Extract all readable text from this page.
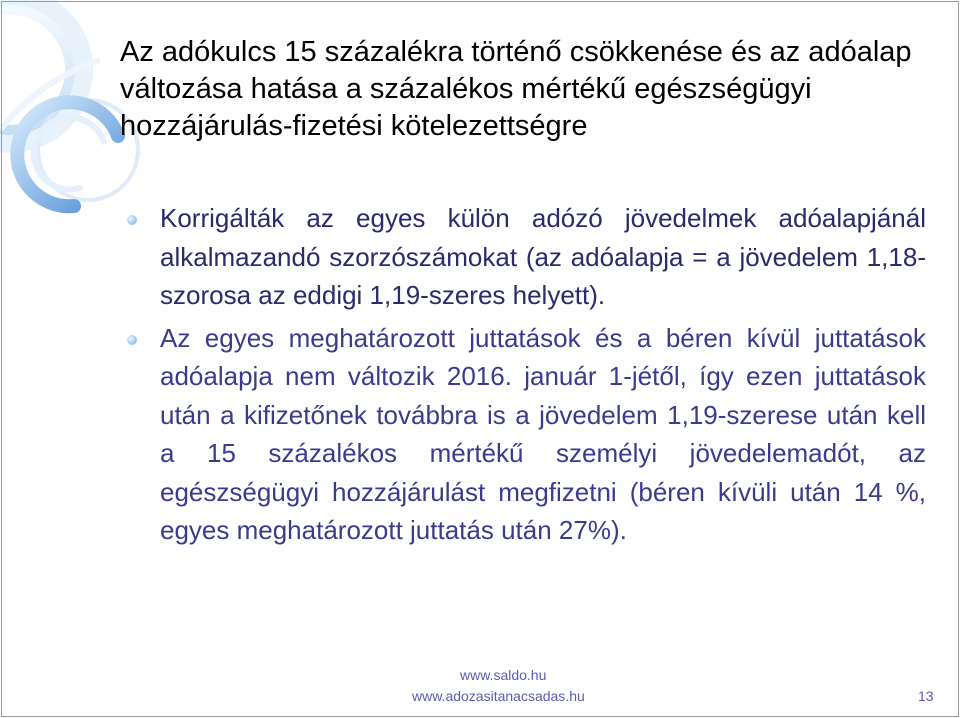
Az adókulcs 15 százalékra történő csökkenése és az adóalap változása hatása a százalékos mértékű egészségügyi hozzájárulás-fizetési kötelezettségre
Korrigálták az egyes külön adózó jövedelmek adóalapjánál alkalmazandó szorzószámokat (az adóalapja = a jövedelem 1,18-szorosa az eddigi 1,19-szeres helyett).
Az egyes meghatározott juttatások és a béren kívül juttatások adóalapja nem változik 2016. január 1-jétől, így ezen juttatások után a kifizetőnek továbbra is a jövedelem 1,19-szerese után kell a 15 százalékos mértékű személyi jövedelemadót, az egészségügyi hozzájárulást megfizetni (béren kívüli után 14 %, egyes meghatározott juttatás után 27%).
www.saldo.hu
www.adozasitanacsadas.hu	13
